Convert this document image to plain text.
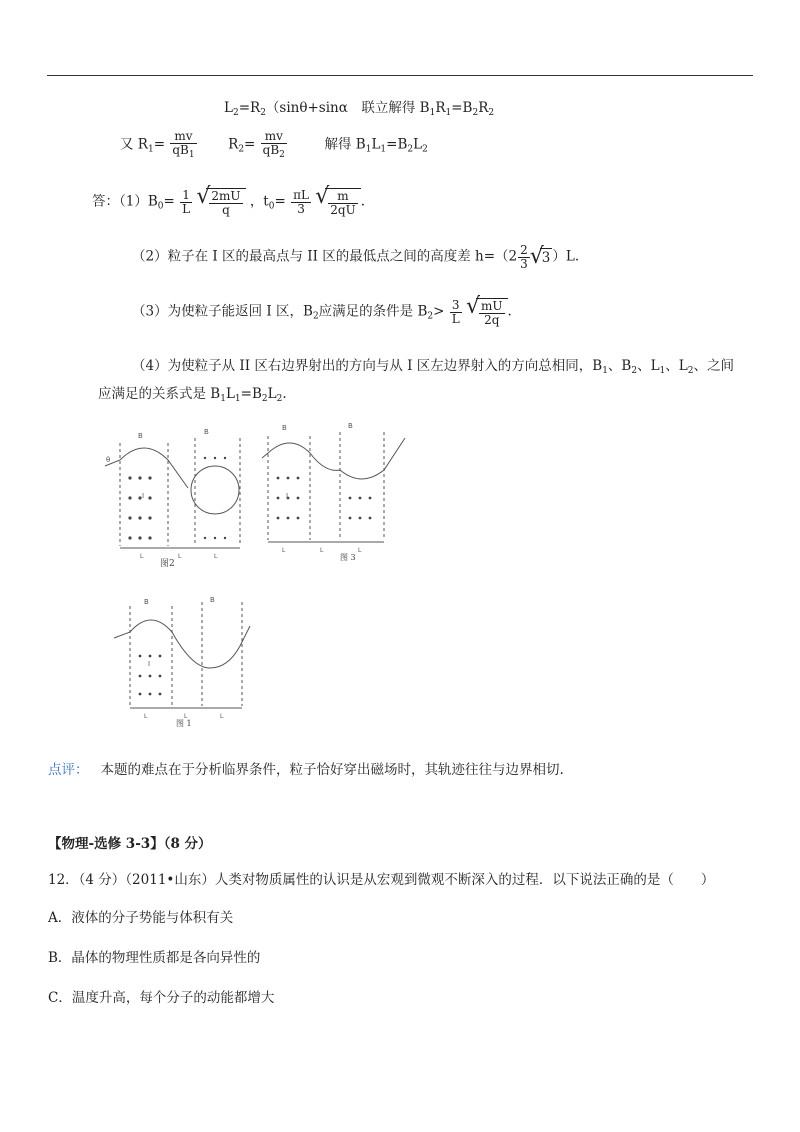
$L_2=R_2(\sin\theta+\sin\alpha$　联立解得 $B_1R_1=B_2R_2$
又 $R_1= \frac{mv}{qB_1} R_2= \frac{mv}{qB_2}$	解得 $B_1L_1=B_2L_2$
答：$(1)B_0= \frac{1}{L}$
√ $\frac{2mU}{q}$ ，$t_0= \frac{\pi L}{3}$
√ $\frac{m}{2qU}$ .
（2）粒子在 I 区的最高点与 II 区的最低点之间的高度差 $h=(2 \frac{2}{3}$ √ 3 ）L.
（3）为使粒子能返回 I 区，$B_2$应满足的条件是 $B_2> \frac{3}{L}$
√ $\frac{mU}{2q}$ .
（4）为使粒子从 II 区右边界射出的方向与从 I 区左边界射入的方向总相同，$B_1$、$B_2$、$L_1$、$L_2$、之间
应满足的关系式是 $B_1L_1=B_2L_2$.
B	B
I
θ
L	L	L
图2
B	B
I
L	L	L
图 3
B	B
I
L	L	L
图 1
点评： 本题的难点在于分析临界条件，粒子恰好穿出磁场时，其轨迹往往与边界相切.
【物理-选修 3-3】（8 分）
12．（4 分）（2011•山东）人类对物质属性的认识是从宏观到微观不断深入的过程．以下说法正确的是（　　）
A．液体的分子势能与体积有关
B．晶体的物理性质都是各向异性的
C．温度升高，每个分子的动能都增大
